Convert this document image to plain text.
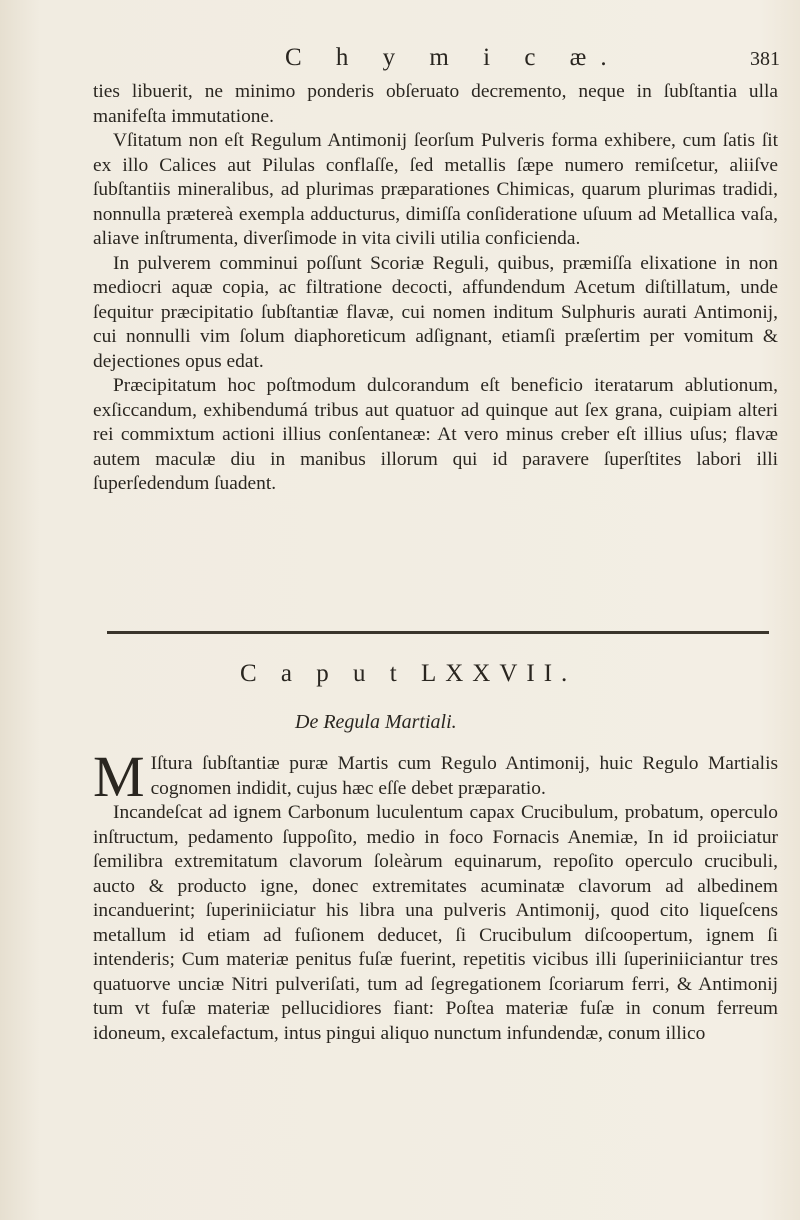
C h y m i c æ.	381

ties libuerit, ne minimo ponderis obſeruato decremento, neque in ſubſtantia ulla manifeſta immutatione.

Vſitatum non eſt Regulum Antimonij ſeorſum Pulveris forma exhibere, cum ſatis ſit ex illo Calices aut Pilulas conflaſſe, ſed metallis ſæpe numero remiſcetur, aliiſve ſubſtantiis mineralibus, ad plurimas præparationes Chimicas, quarum plurimas tradidi, nonnulla prætereà exempla adducturus, dimiſſa conſideratione uſuum ad Metallica vaſa, aliave inſtrumenta, diverſimode in vita civili utilia conficienda.

In pulverem comminui poſſunt Scoriæ Reguli, quibus, præmiſſa elixatione in non mediocri aquæ copia, ac filtratione decocti, affundendum Acetum diſtillatum, unde ſequitur præcipitatio ſubſtantiæ flavæ, cui nomen inditum Sulphuris aurati Antimonij, cui nonnulli vim ſolum diaphoreticum adſignant, etiamſi præſertim per vomitum & dejectiones opus edat.

Præcipitatum hoc poſtmodum dulcorandum eſt beneficio iteratarum ablutionum, exſiccandum, exhibendumá tribus aut quatuor ad quinque aut ſex grana, cuipiam alteri rei commixtum actioni illius conſentaneæ: At vero minus creber eſt illius uſus; flavæ autem maculæ diu in manibus illorum qui id paravere ſuperſtites labori illi ſuperſedendum ſuadent.

C a p u t LXXVII.
De Regula Martiali.

M Iſtura ſubſtantiæ puræ Martis cum Regulo Antimonij, huic Regulo Martialis cognomen indidit, cujus hæc eſſe debet præparatio.

Incandeſcat ad ignem Carbonum luculentum capax Crucibulum, probatum, operculo inſtructum, pedamento ſuppoſito, medio in foco Fornacis Anemiæ, In id proiiciatur ſemilibra extremitatum clavorum ſoleàrum equinarum, repoſito operculo crucibuli, aucto & producto igne, donec extremitates acuminatæ clavorum ad albedinem incanduerint; ſuperiniiciatur his libra una pulveris Antimonij, quod cito liqueſcens metallum id etiam ad fuſionem deducet, ſi Crucibulum diſcoopertum, ignem ſi intenderis; Cum materiæ penitus fuſæ fuerint, repetitis vicibus illi ſuperiniiciantur tres quatuorve unciæ Nitri pulveriſati, tum ad ſegregationem ſcoriarum ferri, & Antimonij tum vt fuſæ materiæ pellucidiores fiant: Poſtea materiæ fuſæ in conum ferreum idoneum, excalefactum, intus pingui aliquo nunctum infundendæ, conum illico
